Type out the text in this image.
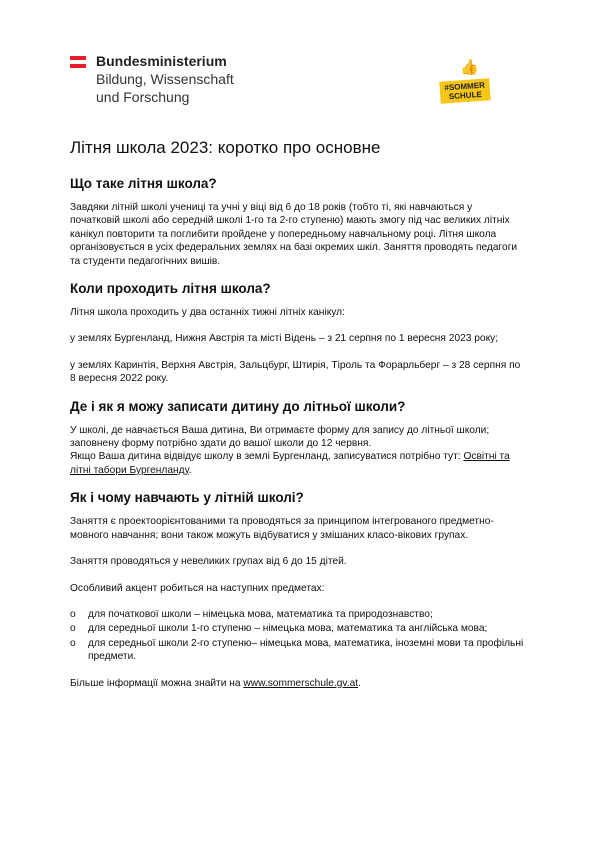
Bundesministerium
Bildung, Wissenschaft
und Forschung
👍
#SOMMER
SCHULE
Літня школа 2023: коротко про основне
Що таке літня школа?

Завдяки літній школі учениці та учні у віці від 6 до 18 років (тобто ті, які навчаються у початковій школі або середній школі 1-го та 2-го ступеню) мають змогу під час великих літніх канікул повторити та поглибити пройдене у попередньому навчальному році. Літня школа організовується в усіх федеральних землях на базі окремих шкіл. Заняття проводять педагоги та студенти педагогічних вишів.

Коли проходить літня школа?

Літня школа проходить у два останніх тижні літніх канікул:

у землях Бургенланд, Нижня Австрія та місті Відень – з 21 серпня по 1 вересня 2023 року;

у землях Каринтія, Верхня Австрія, Зальцбург, Штирія, Тіроль та Форарльберг – з 28 серпня по 8 вересня 2022 року.

Де і як я можу записати дитину до літньої школи?

У школі, де навчається Ваша дитина, Ви отримаєте форму для запису до літньої школи; заповнену форму потрібно здати до вашої школи до 12 червня.

Якщо Ваша дитина відвідує школу в землі Бургенланд, записуватися потрібно тут: Освітні та літні табори Бургенланду.

Як і чому навчають у літній школі?

Заняття є проектоорієнтованими та проводяться за принципом інтегрованого предметно-мовного навчання; вони також можуть відбуватися у змішаних класо-вікових групах.

Заняття проводяться у невеликих групах від 6 до 15 дітей.

Особливий акцент робиться на наступних предметах:

o для початкової школи – німецька мова, математика та природознавство;
o для середньої школи 1-го ступеню – німецька мова, математика та англійська мова;
o для середньої школи 2-го ступеню– німецька мова, математика, іноземні мови та профільні предмети.

Більше інформації можна знайти на www.sommerschule.gv.at.
